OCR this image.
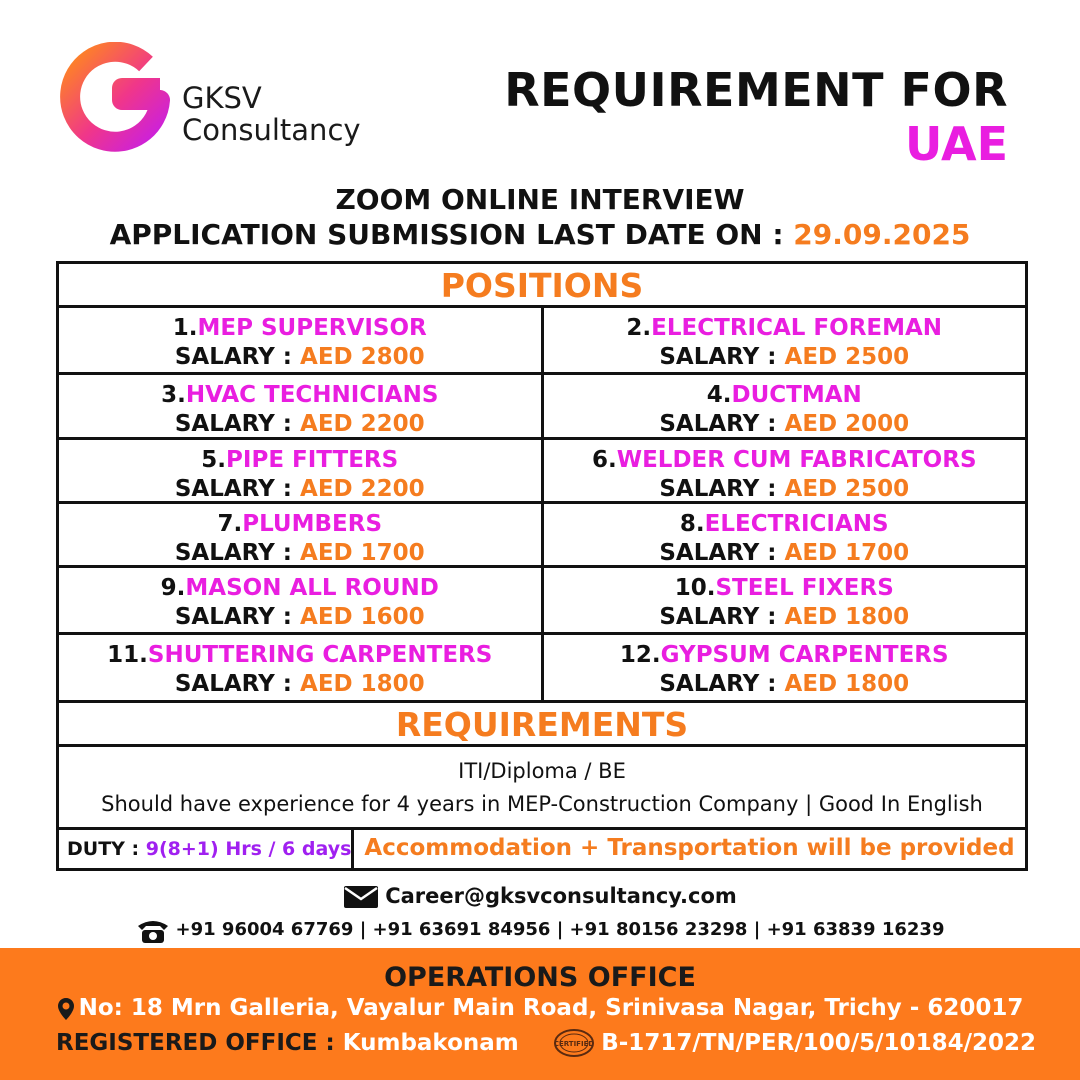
GKSV
Consultancy
REQUIREMENT FOR
UAE
ZOOM ONLINE INTERVIEW
APPLICATION SUBMISSION LAST DATE ON : 29.09.2025
POSITIONS
1.MEP SUPERVISOR
SALARY : AED 2800
2.ELECTRICAL FOREMAN
SALARY : AED 2500
3.HVAC TECHNICIANS
SALARY : AED 2200
4.DUCTMAN
SALARY : AED 2000
5.PIPE FITTERS
SALARY : AED 2200
6.WELDER CUM FABRICATORS
SALARY : AED 2500
7.PLUMBERS
SALARY : AED 1700
8.ELECTRICIANS
SALARY : AED 1700
9.MASON ALL ROUND
SALARY : AED 1600
10.STEEL FIXERS
SALARY : AED 1800
11.SHUTTERING CARPENTERS
SALARY : AED 1800
12.GYPSUM CARPENTERS
SALARY : AED 1800
REQUIREMENTS
ITI/Diploma / BE
Should have experience for 4 years in MEP-Construction Company | Good In English
DUTY : 9(8+1) Hrs / 6 days Accommodation + Transportation will be provided
Career@gksvconsultancy.com
+91 96004 67769 | +91 63691 84956 | +91 80156 23298 | +91 63839 16239
OPERATIONS OFFICE
No: 18 Mrn Galleria, Vayalur Main Road, Srinivasa Nagar, Trichy - 620017
REGISTERED OFFICE : Kumbakonam	CERTIFIED B-1717/TN/PER/100/5/10184/2022
